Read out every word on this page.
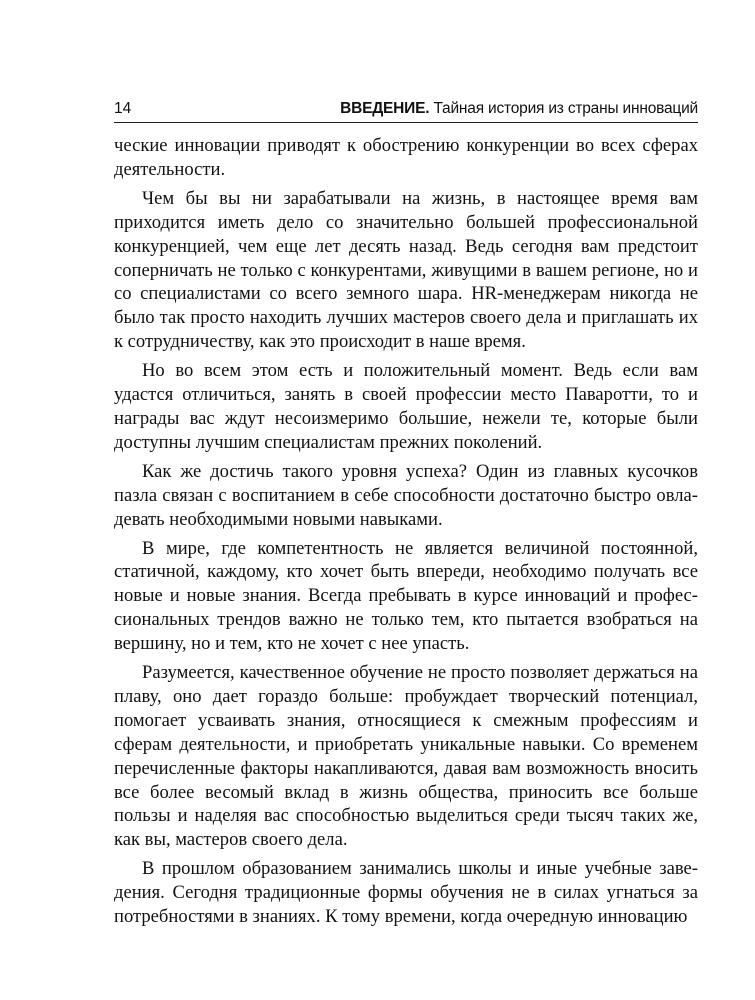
14	ВВЕДЕНИЕ. Тайная история из страны инноваций

ческие инновации приводят к обострению конкуренции во всех сферах деятельности.

Чем бы вы ни зарабатывали на жизнь, в настоящее время вам приходится иметь дело со значительно большей профессиональной конкуренцией, чем еще лет десять назад. Ведь сегодня вам предстоит соперничать не только с конкурентами, живущими в вашем регионе, но и со специалистами со всего земного шара. HR-менеджерам никогда не было так просто находить лучших мастеров своего дела и приглашать их к сотрудничеству, как это происходит в наше время.

Но во всем этом есть и положительный момент. Ведь если вам удастся отличиться, занять в своей профессии место Паваротти, то и награды вас ждут несоизмеримо большие, нежели те, которые были доступны лучшим специалистам прежних поколений.

Как же достичь такого уровня успеха? Один из главных кусочков пазла связан с воспитанием в себе способности достаточно быстро овладевать необходимыми новыми навыками.

В мире, где компетентность не является величиной постоянной, статичной, каждому, кто хочет быть впереди, необходимо получать все новые и новые знания. Всегда пребывать в курсе инноваций и профессиональных трендов важно не только тем, кто пытается взобраться на вершину, но и тем, кто не хочет с нее упасть.

Разумеется, качественное обучение не просто позволяет держаться на плаву, оно дает гораздо больше: пробуждает творческий потенциал, помогает усваивать знания, относящиеся к смежным профессиям и сферам деятельности, и приобретать уникальные навыки. Со временем перечисленные факторы накапливаются, давая вам возможность вносить все более весомый вклад в жизнь общества, приносить все больше пользы и наделяя вас способностью выделиться среди тысяч таких же, как вы, мастеров своего дела.

В прошлом образованием занимались школы и иные учебные заведения. Сегодня традиционные формы обучения не в силах угнаться за потребностями в знаниях. К тому времени, когда очередную инновацию
